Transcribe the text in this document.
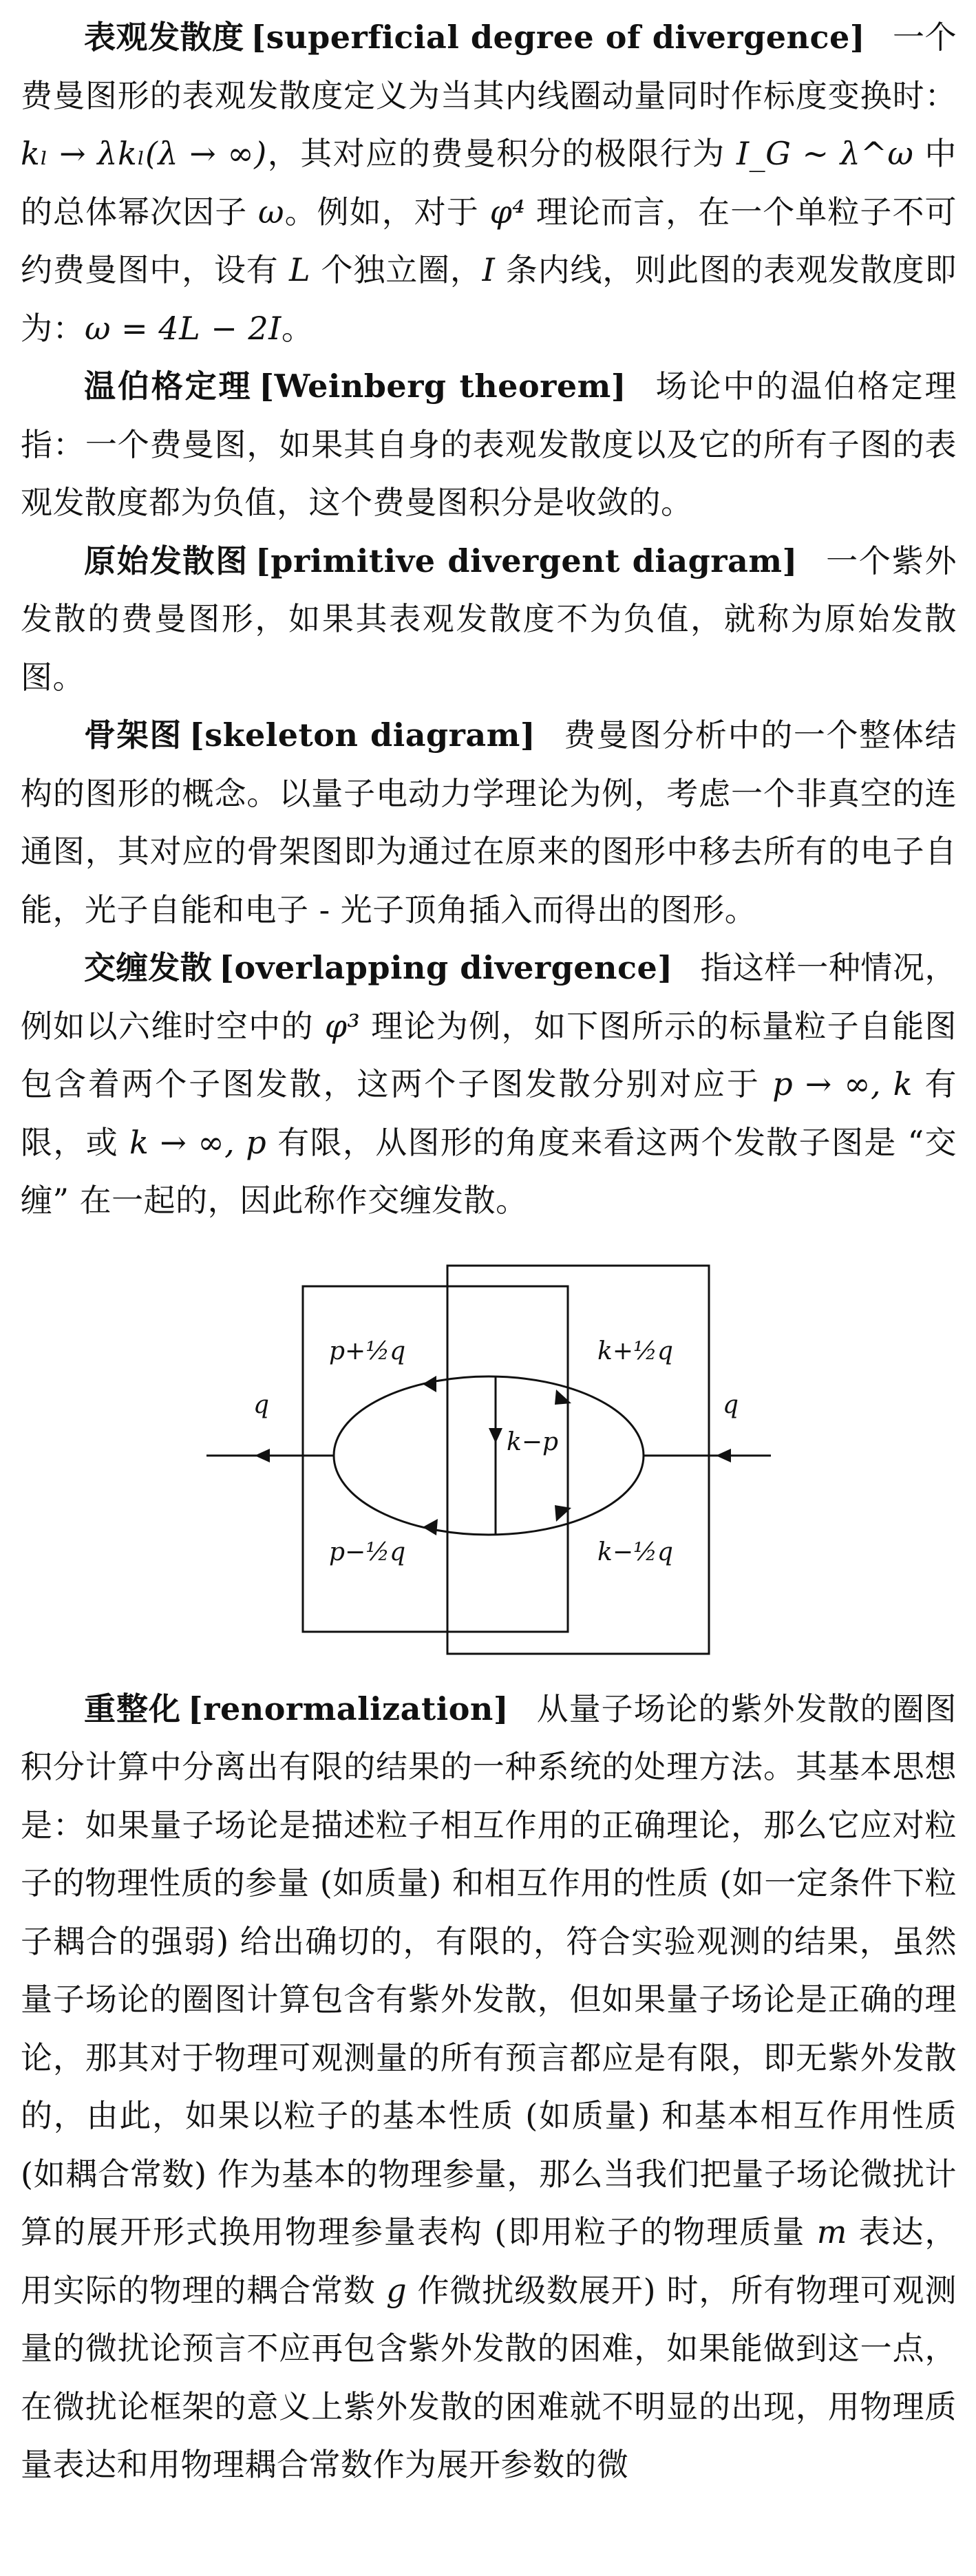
表观发散度 [superficial degree of divergence] 一个费曼图形的表观发散度定义为当其内线圈动量同时作标度变换时：kₗ → λkₗ(λ → ∞)，其对应的费曼积分的极限行为 I_G ∼ λ^ω 中的总体幂次因子 ω。例如，对于 φ⁴ 理论而言，在一个单粒子不可约费曼图中，设有 L 个独立圈，I 条内线，则此图的表观发散度即为：ω = 4L − 2I。

温伯格定理 [Weinberg theorem] 场论中的温伯格定理指：一个费曼图，如果其自身的表观发散度以及它的所有子图的表观发散度都为负值，这个费曼图积分是收敛的。

原始发散图 [primitive divergent diagram] 一个紫外发散的费曼图形，如果其表观发散度不为负值，就称为原始发散图。

骨架图 [skeleton diagram] 费曼图分析中的一个整体结构的图形的概念。以量子电动力学理论为例，考虑一个非真空的连通图，其对应的骨架图即为通过在原来的图形中移去所有的电子自能，光子自能和电子 - 光子顶角插入而得出的图形。

交缠发散 [overlapping divergence] 指这样一种情况，例如以六维时空中的 φ³ 理论为例，如下图所示的标量粒子自能图包含着两个子图发散，这两个子图发散分别对应于 p → ∞, k 有限，或 k → ∞, p 有限，从图形的角度来看这两个发散子图是 “交缠” 在一起的，因此称作交缠发散。

q	q
p+½q
p−½q
k−p
k+½q
k−½q

重整化 [renormalization] 从量子场论的紫外发散的圈图积分计算中分离出有限的结果的一种系统的处理方法。其基本思想是：如果量子场论是描述粒子相互作用的正确理论，那么它应对粒子的物理性质的参量 (如质量) 和相互作用的性质 (如一定条件下粒子耦合的强弱) 给出确切的，有限的，符合实验观测的结果，虽然量子场论的圈图计算包含有紫外发散，但如果量子场论是正确的理论，那其对于物理可观测量的所有预言都应是有限，即无紫外发散的，由此，如果以粒子的基本性质 (如质量) 和基本相互作用性质 (如耦合常数) 作为基本的物理参量，那么当我们把量子场论微扰计算的展开形式换用物理参量表构 (即用粒子的物理质量 m 表达，用实际的物理的耦合常数 g 作微扰级数展开) 时，所有物理可观测量的微扰论预言不应再包含紫外发散的困难，如果能做到这一点，在微扰论框架的意义上紫外发散的困难就不明显的出现，用物理质量表达和用物理耦合常数作为展开参数的微
